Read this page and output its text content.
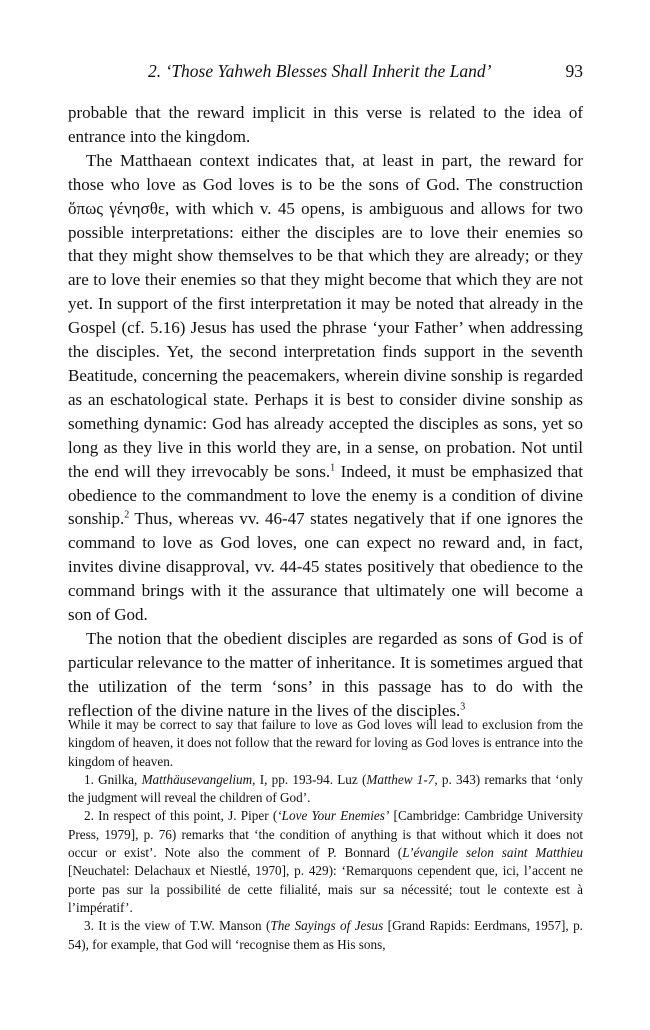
2. ‘Those Yahweh Blesses Shall Inherit the Land’	93

probable that the reward implicit in this verse is related to the idea of entrance into the kingdom.

The Matthaean context indicates that, at least in part, the reward for those who love as God loves is to be the sons of God. The construction ὅπως γένησθε, with which v. 45 opens, is ambiguous and allows for two possible interpretations: either the disciples are to love their enemies so that they might show themselves to be that which they are already; or they are to love their enemies so that they might become that which they are not yet. In support of the first interpretation it may be noted that already in the Gospel (cf. 5.16) Jesus has used the phrase ‘your Father’ when addressing the disciples. Yet, the second interpretation finds support in the seventh Beatitude, concerning the peacemakers, wherein divine sonship is regarded as an eschatological state. Perhaps it is best to consider divine sonship as something dynamic: God has already accepted the disciples as sons, yet so long as they live in this world they are, in a sense, on probation. Not until the end will they irrevocably be sons.$^1$ Indeed, it must be emphasized that obedience to the commandment to love the enemy is a condition of divine sonship.$^2$ Thus, whereas vv. 46-47 states negatively that if one ignores the command to love as God loves, one can expect no reward and, in fact, invites divine disapproval, vv. 44-45 states positively that obedience to the command brings with it the assurance that ultimately one will become a son of God.

The notion that the obedient disciples are regarded as sons of God is of particular relevance to the matter of inheritance. It is sometimes argued that the utilization of the term ‘sons’ in this passage has to do with the reflection of the divine nature in the lives of the disciples.$^3$

While it may be correct to say that failure to love as God loves will lead to exclusion from the kingdom of heaven, it does not follow that the reward for loving as God loves is entrance into the kingdom of heaven.

1. Gnilka, Matthäusevangelium, I, pp. 193-94. Luz (Matthew 1-7, p. 343) remarks that ‘only the judgment will reveal the children of God’.

2. In respect of this point, J. Piper (‘Love Your Enemies’ [Cambridge: Cambridge University Press, 1979], p. 76) remarks that ‘the condition of anything is that without which it does not occur or exist’. Note also the comment of P. Bonnard (L’évangile selon saint Matthieu [Neuchatel: Delachaux et Niestlé, 1970], p. 429): ‘Remarquons cependent que, ici, l’accent ne porte pas sur la possibilité de cette filialité, mais sur sa nécessité; tout le contexte est à l’impératif’.

3. It is the view of T.W. Manson (The Sayings of Jesus [Grand Rapids: Eerdmans, 1957], p. 54), for example, that God will ‘recognise them as His sons,
